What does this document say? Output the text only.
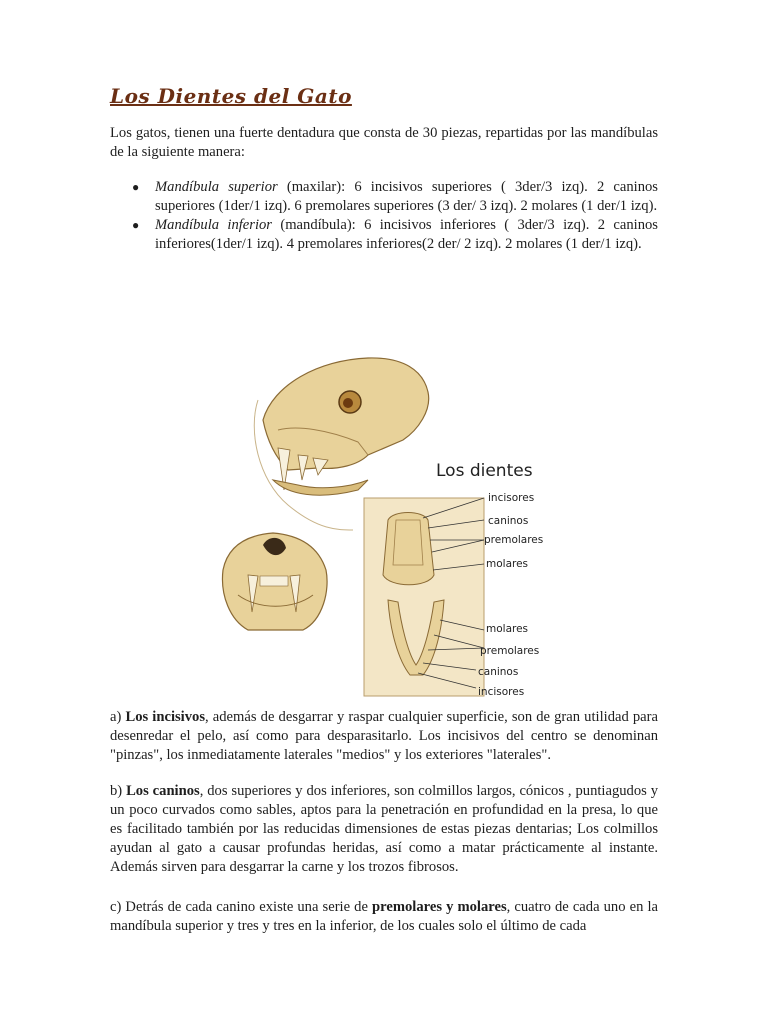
Los Dientes del Gato
Los gatos, tienen una fuerte dentadura que consta de 30 piezas, repartidas por las mandíbulas de la siguiente manera:
● Mandíbula superior (maxilar): 6 incisivos superiores ( 3der/3 izq). 2 caninos superiores (1der/1 izq). 6 premolares superiores (3 der/ 3 izq). 2 molares (1 der/1 izq).
● Mandíbula inferior (mandíbula): 6 incisivos inferiores ( 3der/3 izq). 2 caninos inferiores(1der/1 izq). 4 premolares inferiores(2 der/ 2 izq). 2 molares (1 der/1 izq).
Los dientes
incisores
caninos
premolares
molares
molares
premolares
caninos
incisores
a) Los incisivos, además de desgarrar y raspar cualquier superficie, son de gran utilidad para desenredar el pelo, así como para desparasitarlo. Los incisivos del centro se denominan "pinzas", los inmediatamente laterales "medios" y los exteriores "laterales".
b) Los caninos, dos superiores y dos inferiores, son colmillos largos, cónicos , puntiagudos y un poco curvados como sables, aptos para la penetración en profundidad en la presa, lo que es facilitado también por las reducidas dimensiones de estas piezas dentarias; Los colmillos ayudan al gato a causar profundas heridas, así como a matar prácticamente al instante. Además sirven para desgarrar la carne y los trozos fibrosos.
c) Detrás de cada canino existe una serie de premolares y molares, cuatro de cada uno en la mandíbula superior y tres y tres en la inferior, de los cuales solo el último de cada
